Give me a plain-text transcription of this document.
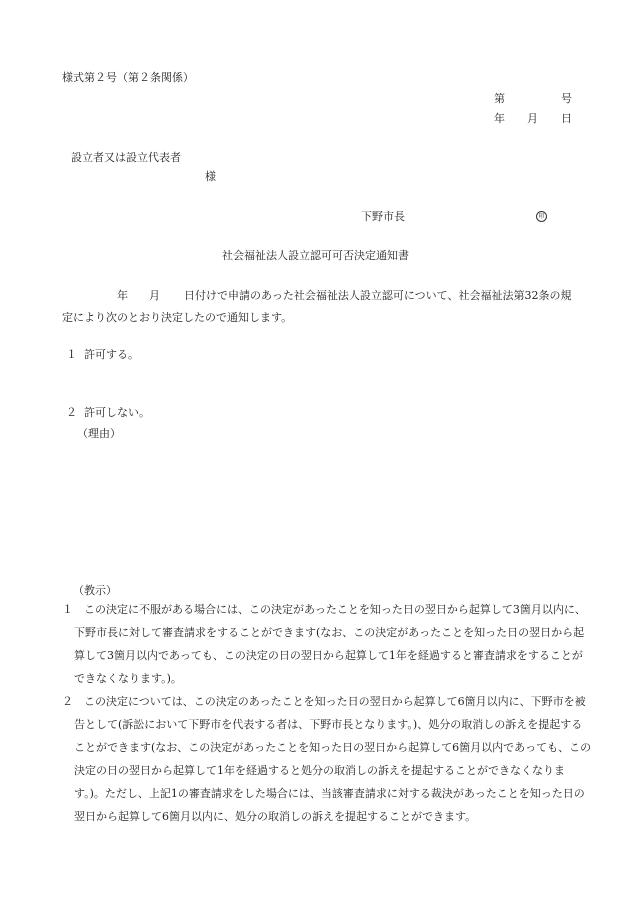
様式第２号（第２条関係）
第	号
年 月 日
設立者又は設立代表者
様
下野市長	印
社会福祉法人設立認可可否決定通知書
年 月 日付けで申請のあった社会福祉法人設立認可について、社会福祉法第32条の規
定により次のとおり決定したので通知します。
１ 許可する。
２ 許可しない。
（理由）
（教示）
１　 この決定に不服がある場合には、この決定があったことを知った日の翌日から起算して3箇月以内に、下野市長に対して審査請求をすることができます(なお、この決定があったことを知った日の翌日から起算して3箇月以内であっても、この決定の日の翌日から起算して1年を経過すると審査請求をすることができなくなります。)。
２　 この決定については、この決定のあったことを知った日の翌日から起算して6箇月以内に、下野市を被告として(訴訟において下野市を代表する者は、下野市長となります。)、処分の取消しの訴えを提起することができます(なお、この決定があったことを知った日の翌日から起算して6箇月以内であっても、この決定の日の翌日から起算して1年を経過すると処分の取消しの訴えを提起することができなくなります。)。ただし、上記1の審査請求をした場合には、当該審査請求に対する裁決があったことを知った日の翌日から起算して6箇月以内に、処分の取消しの訴えを提起することができます。
